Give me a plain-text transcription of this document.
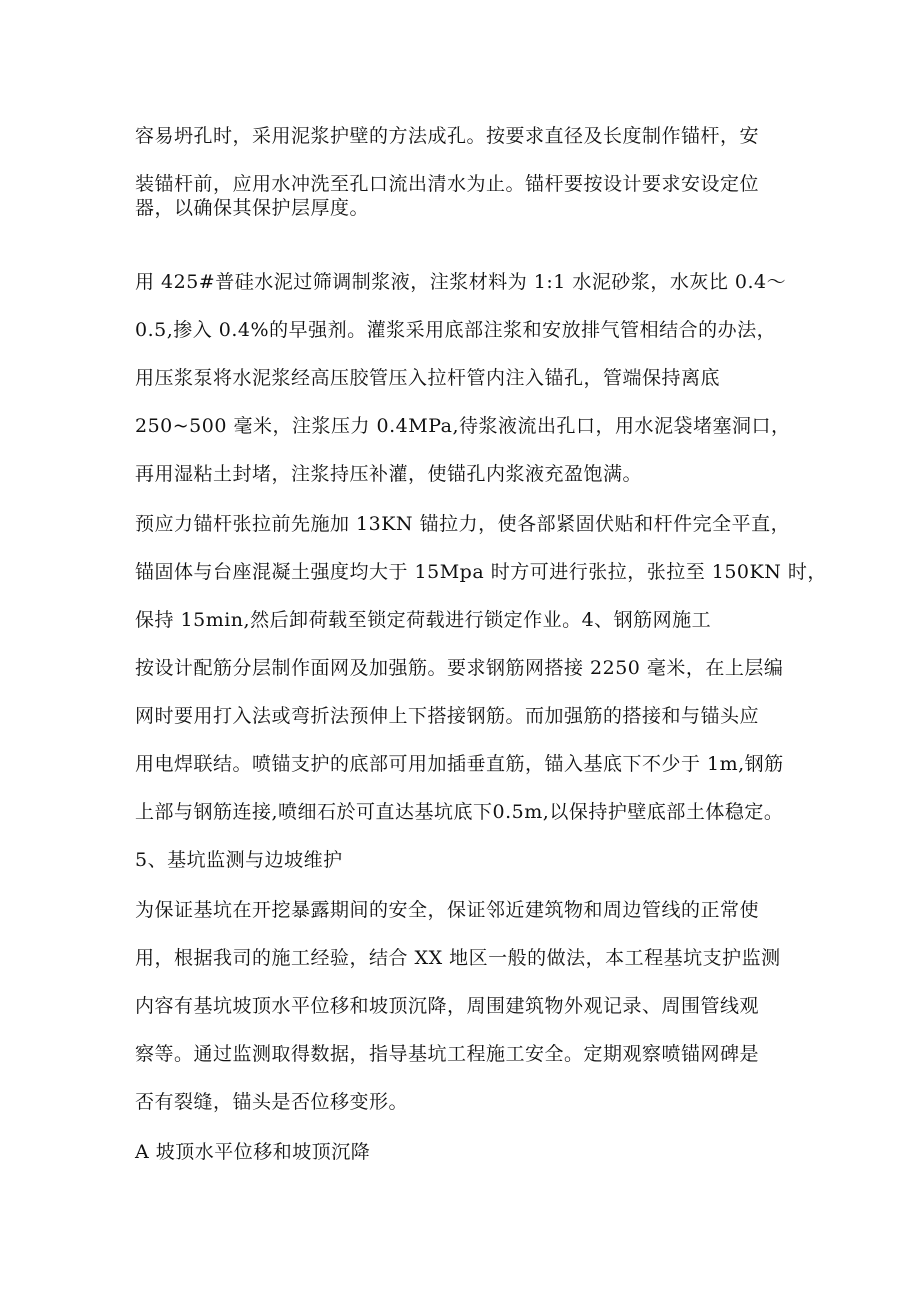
容易坍孔时，采用泥浆护壁的方法成孔。按要求直径及长度制作锚杆，安
装锚杆前，应用水冲洗至孔口流出清水为止。锚杆要按设计要求安设定位
器，以确保其保护层厚度。
用 425#普硅水泥过筛调制浆液，注浆材料为 1:1 水泥砂浆，水灰比 0.4～
0.5,掺入 0.4%的早强剂。灌浆采用底部注浆和安放排气管相结合的办法，
用压浆泵将水泥浆经高压胶管压入拉杆管内注入锚孔，管端保持离底
250~500 毫米，注浆压力 0.4MPa,待浆液流出孔口，用水泥袋堵塞洞口，
再用湿粘土封堵，注浆持压补灌，使锚孔内浆液充盈饱满。
预应力锚杆张拉前先施加 13KN 锚拉力，使各部紧固伏贴和杆件完全平直，
锚固体与台座混凝土强度均大于 15Mpa 时方可进行张拉，张拉至 150KN 时，
保持 15min,然后卸荷载至锁定荷载进行锁定作业。4、钢筋网施工
按设计配筋分层制作面网及加强筋。要求钢筋网搭接 2250 毫米，在上层编
网时要用打入法或弯折法预伸上下搭接钢筋。而加强筋的搭接和与锚头应
用电焊联结。喷锚支护的底部可用加插垂直筋，锚入基底下不少于 1m,钢筋
上部与钢筋连接,喷细石於可直达基坑底下0.5m,以保持护壁底部土体稳定。
5、基坑监测与边坡维护
为保证基坑在开挖暴露期间的安全，保证邻近建筑物和周边管线的正常使
用，根据我司的施工经验，结合 XX 地区一般的做法，本工程基坑支护监测
内容有基坑坡顶水平位移和坡顶沉降，周围建筑物外观记录、周围管线观
察等。通过监测取得数据，指导基坑工程施工安全。定期观察喷锚网碑是
否有裂缝，锚头是否位移变形。
A 坡顶水平位移和坡顶沉降
